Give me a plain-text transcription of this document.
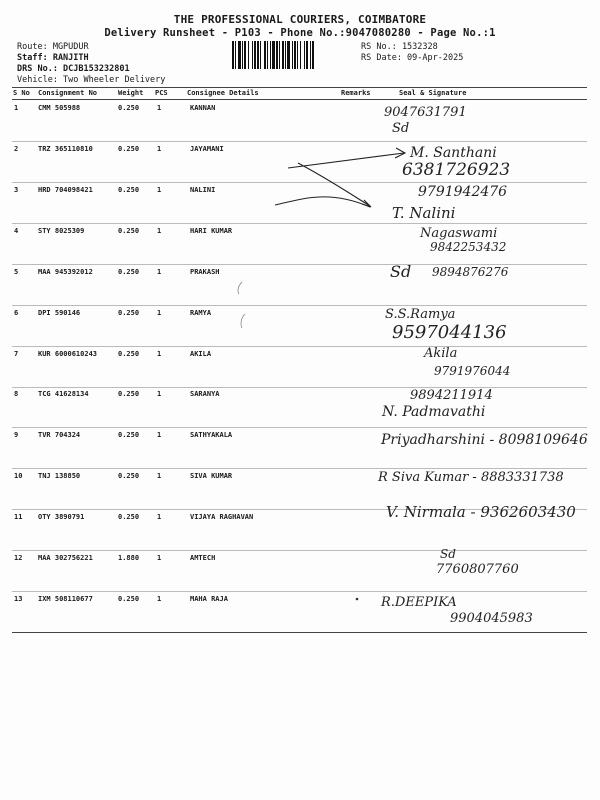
THE PROFESSIONAL COURIERS, COIMBATORE
Delivery Runsheet - P103 - Phone No.:9047080280 - Page No.:1
Route: MGPUDUR
Staff: RANJITH
DRS No.: DCJB153232801
Vehicle: Two Wheeler Delivery
RS No.: 1532328
RS Date: 09-Apr-2025
S No Consignment No	Weight PCS	Consignee Details	Remarks	Seal & Signature
1	CMM 505988	0.250	1	KANNAN	9047631791
Sd
2	TRZ 365110810	0.250	1	JAYAMANI	M. Santhani
6381726923
3	HRD 704098421	0.250	1	NALINI	9791942476
T. Nalini
4	STY 8025309	0.250	1	HARI KUMAR	Nagaswami
9842253432
5	MAA 945392012	0.250	1	PRAKASH	Sd 9894876276
6	DPI 590146	0.250	1	RAMYA	S.S.Ramya
9597044136
7	KUR 6000610243	0.250	1	AKILA	Akila
9791976044
8	TCG 41628134	0.250	1	SARANYA	9894211914
N. Padmavathi
9	TVR 704324	0.250	1	SATHYAKALA	Priyadharshini - 8098109646
10 TNJ 138850	0.250	1	SIVA KUMAR	R Siva Kumar - 8883331738
11 OTY 3890791	0.250	1	VIJAYA RAGHAVAN	V. Nirmala - 9362603430
12 MAA 302756221	1.880	1	AMTECH	Sd
7760807760
13 IXM 508110677	0.250	1	MAHA RAJA	R.DEEPIKA
9904045983
